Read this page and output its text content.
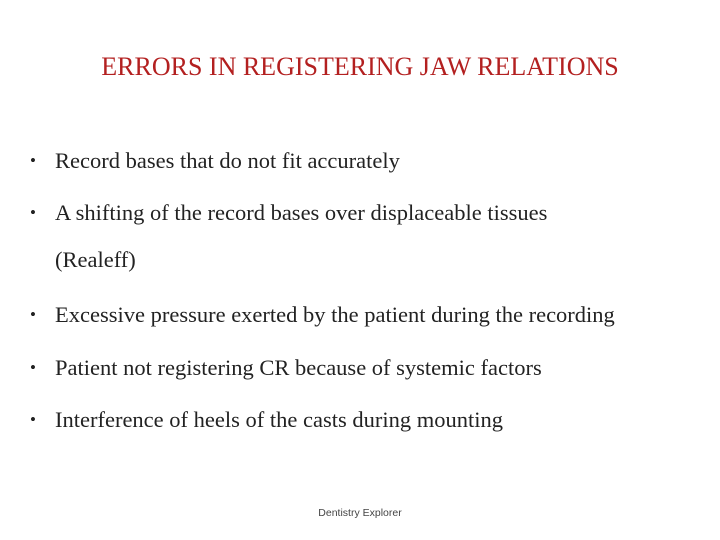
ERRORS IN REGISTERING JAW RELATIONS
• Record bases that do not fit accurately
• A shifting of the record bases over displaceable tissues
(Realeff)
• Excessive pressure exerted by the patient during the recording
• Patient not registering CR because of systemic factors
• Interference of heels of the casts during mounting
Dentistry Explorer
